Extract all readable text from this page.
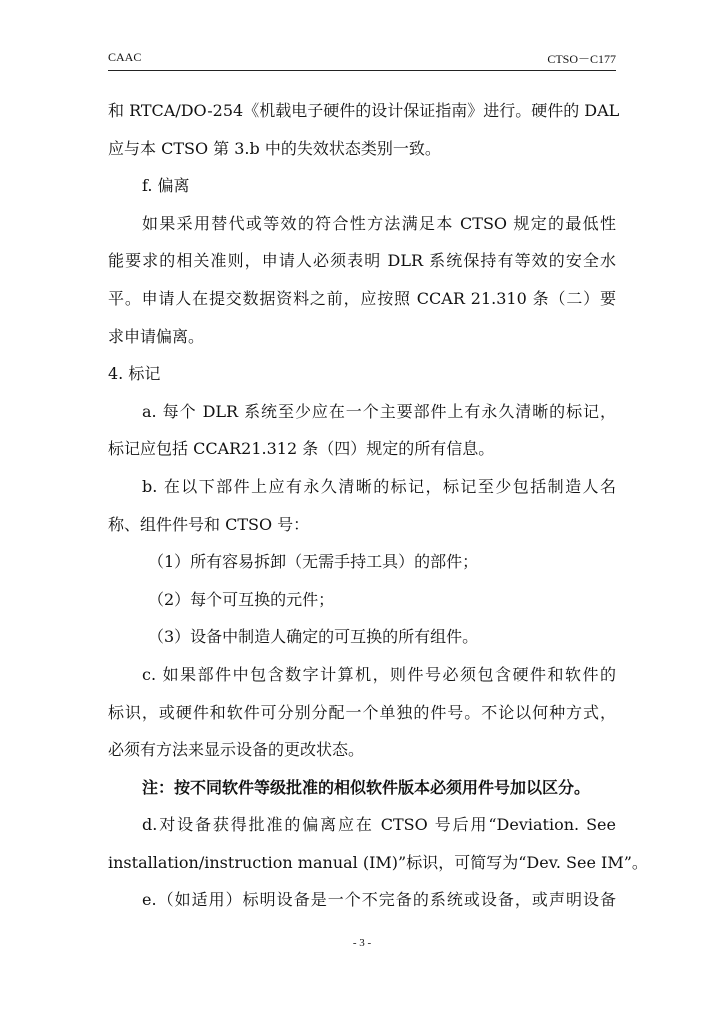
CAAC	CTSO－C177
和 RTCA/DO-254《机载电子硬件的设计保证指南》进行。硬件的 DAL
应与本 CTSO 第 3.b 中的失效状态类别一致。
f. 偏离
如果采用替代或等效的符合性方法满足本 CTSO 规定的最低性
能要求的相关准则，申请人必须表明 DLR 系统保持有等效的安全水
平。申请人在提交数据资料之前，应按照 CCAR 21.310 条（二）要
求申请偏离。
4. 标记
a. 每个 DLR 系统至少应在一个主要部件上有永久清晰的标记，
标记应包括 CCAR21.312 条（四）规定的所有信息。
b. 在以下部件上应有永久清晰的标记，标记至少包括制造人名
称、组件件号和 CTSO 号：
（1）所有容易拆卸（无需手持工具）的部件；
（2）每个可互换的元件；
（3）设备中制造人确定的可互换的所有组件。
c. 如果部件中包含数字计算机，则件号必须包含硬件和软件的
标识，或硬件和软件可分别分配一个单独的件号。不论以何种方式，
必须有方法来显示设备的更改状态。
注：按不同软件等级批准的相似软件版本必须用件号加以区分。
d.对设备获得批准的偏离应在 CTSO 号后用“Deviation. See
installation/instruction manual (IM)”标识，可简写为“Dev. See IM”。
e.（如适用）标明设备是一个不完备的系统或设备，或声明设备
- 3 -
